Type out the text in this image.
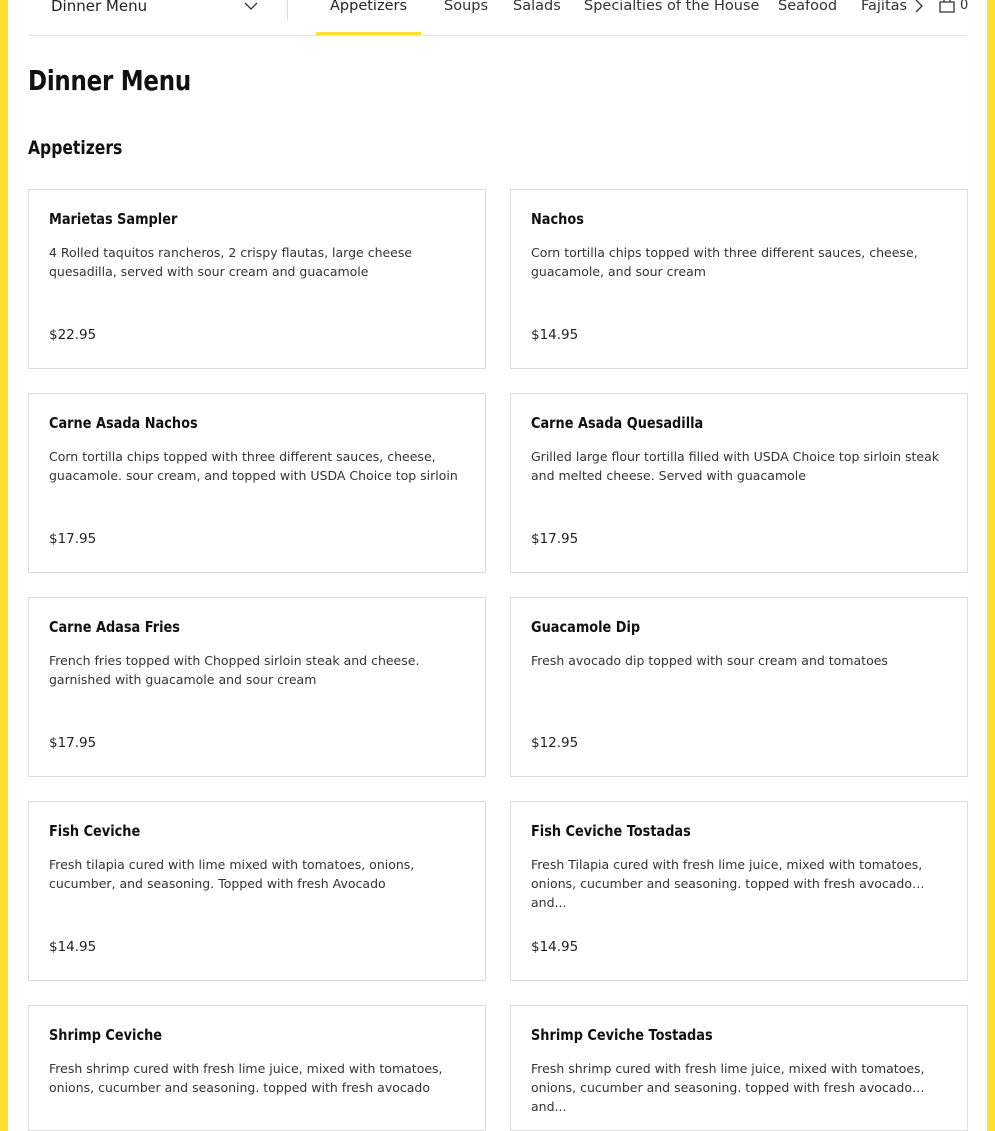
Dinner Menu	Appetizers	Soups	Salads	Specialties of the House	Seafood	Fajitas	0
Dinner Menu
Appetizers
Marietas Sampler
4 Rolled taquitos rancheros, 2 crispy flautas, large cheese quesadilla, served with sour cream and guacamole
$22.95
Nachos
Corn tortilla chips topped with three different sauces, cheese, guacamole, and sour cream
$14.95
Carne Asada Nachos
Corn tortilla chips topped with three different sauces, cheese, guacamole. sour cream, and topped with USDA Choice top sirloin
$17.95
Carne Asada Quesadilla
Grilled large flour tortilla filled with USDA Choice top sirloin steak and melted cheese. Served with guacamole
$17.95
Carne Adasa Fries
French fries topped with Chopped sirloin steak and cheese. garnished with guacamole and sour cream
$17.95
Guacamole Dip
Fresh avocado dip topped with sour cream and tomatoes
$12.95
Fish Ceviche
Fresh tilapia cured with lime mixed with tomatoes, onions, cucumber, and seasoning. Topped with fresh Avocado
$14.95
Fish Ceviche Tostadas
Fresh Tilapia cured with fresh lime juice, mixed with tomatoes, onions, cucumber and seasoning. topped with fresh avocado and...
$14.95
Shrimp Ceviche
Fresh shrimp cured with fresh lime juice, mixed with tomatoes, onions, cucumber and seasoning. topped with fresh avocado
Shrimp Ceviche Tostadas
Fresh shrimp cured with fresh lime juice, mixed with tomatoes, onions, cucumber and seasoning. topped with fresh avocado and...
